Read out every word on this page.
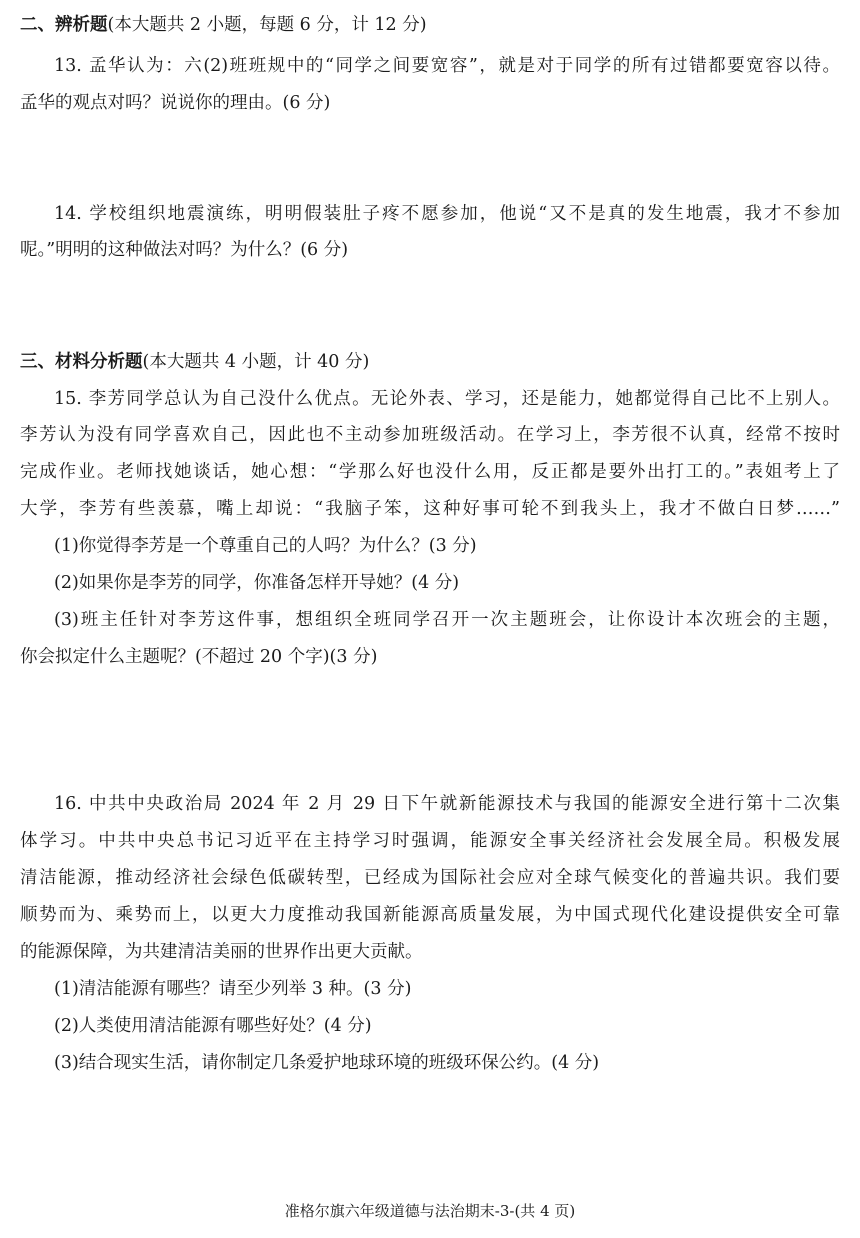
二、辨析题(本大题共 2 小题，每题 6 分，计 12 分)
13. 孟华认为：六(2)班班规中的“同学之间要宽容”，就是对于同学的所有过错都要宽容以待。
孟华的观点对吗？说说你的理由。(6 分)
14. 学校组织地震演练，明明假装肚子疼不愿参加，他说“又不是真的发生地震，我才不参加
呢。”明明的这种做法对吗？为什么？(6 分)
三、材料分析题(本大题共 4 小题，计 40 分)
15. 李芳同学总认为自己没什么优点。无论外表、学习，还是能力，她都觉得自己比不上别人。
李芳认为没有同学喜欢自己，因此也不主动参加班级活动。在学习上，李芳很不认真，经常不按时
完成作业。老师找她谈话，她心想：“学那么好也没什么用，反正都是要外出打工的。”表姐考上了
大学，李芳有些羡慕，嘴上却说：“我脑子笨，这种好事可轮不到我头上，我才不做白日梦……”
(1)你觉得李芳是一个尊重自己的人吗？为什么？(3 分)
(2)如果你是李芳的同学，你准备怎样开导她？(4 分)
(3)班主任针对李芳这件事，想组织全班同学召开一次主题班会，让你设计本次班会的主题，
你会拟定什么主题呢？(不超过 20 个字)(3 分)
16. 中共中央政治局 2024 年 2 月 29 日下午就新能源技术与我国的能源安全进行第十二次集
体学习。中共中央总书记习近平在主持学习时强调，能源安全事关经济社会发展全局。积极发展
清洁能源，推动经济社会绿色低碳转型，已经成为国际社会应对全球气候变化的普遍共识。我们要
顺势而为、乘势而上，以更大力度推动我国新能源高质量发展，为中国式现代化建设提供安全可靠
的能源保障，为共建清洁美丽的世界作出更大贡献。
(1)清洁能源有哪些？请至少列举 3 种。(3 分)
(2)人类使用清洁能源有哪些好处？(4 分)
(3)结合现实生活，请你制定几条爱护地球环境的班级环保公约。(4 分)
准格尔旗六年级道德与法治期末-3-(共 4 页)
